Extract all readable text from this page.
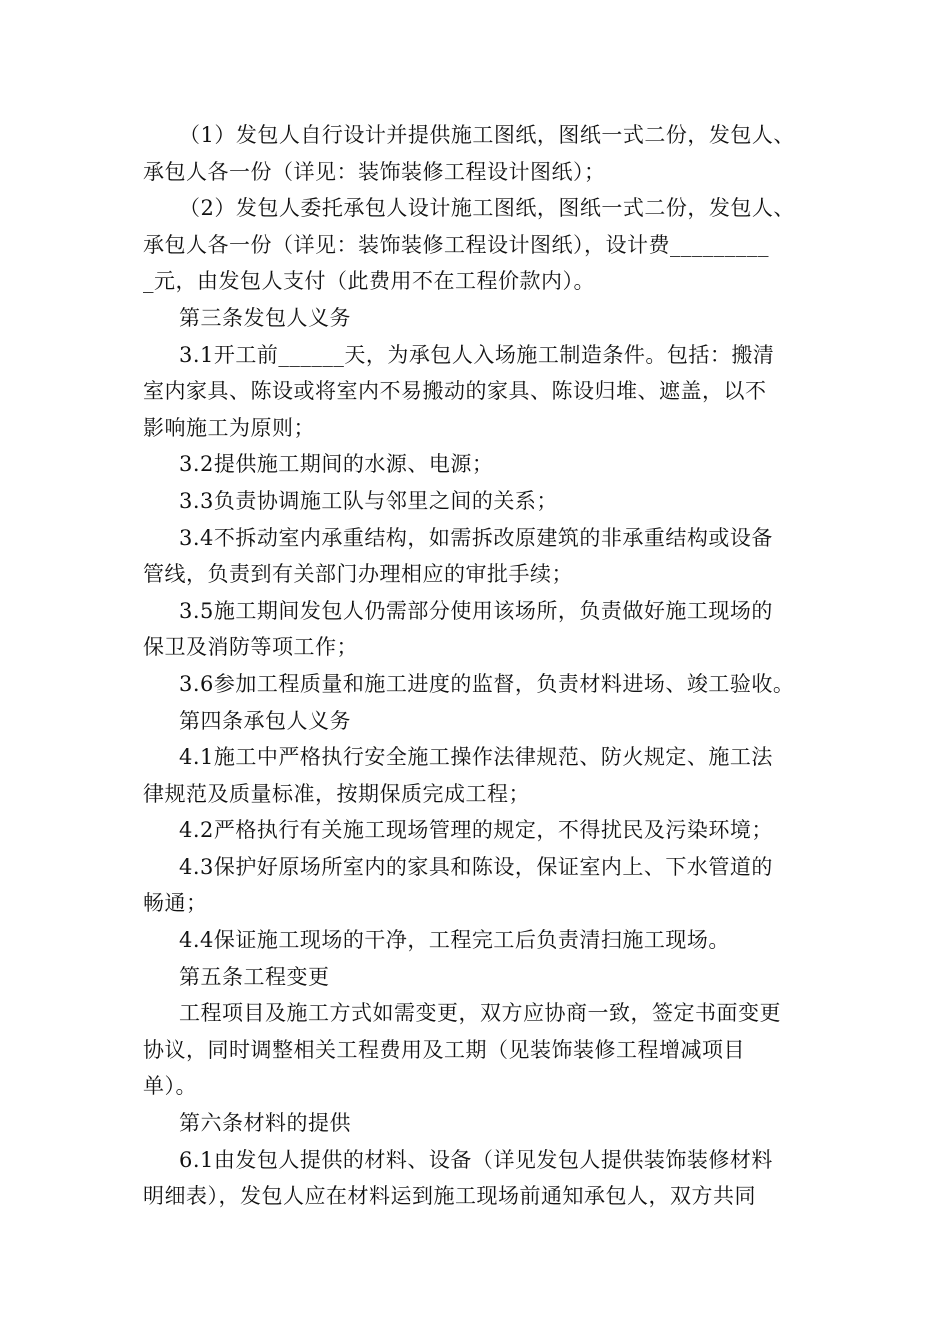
（1）发包人自行设计并提供施工图纸，图纸一式二份，发包人、
承包人各一份（详见：装饰装修工程设计图纸）；
（2）发包人委托承包人设计施工图纸，图纸一式二份，发包人、
承包人各一份（详见：装饰装修工程设计图纸），设计费_________
_元，由发包人支付（此费用不在工程价款内）。
第三条发包人义务
3.1开工前______天，为承包人入场施工制造条件。包括：搬清
室内家具、陈设或将室内不易搬动的家具、陈设归堆、遮盖，以不
影响施工为原则；
3.2提供施工期间的水源、电源；
3.3负责协调施工队与邻里之间的关系；
3.4不拆动室内承重结构，如需拆改原建筑的非承重结构或设备
管线，负责到有关部门办理相应的审批手续；
3.5施工期间发包人仍需部分使用该场所，负责做好施工现场的
保卫及消防等项工作；
3.6参加工程质量和施工进度的监督，负责材料进场、竣工验收。
第四条承包人义务
4.1施工中严格执行安全施工操作法律规范、防火规定、施工法
律规范及质量标准，按期保质完成工程；
4.2严格执行有关施工现场管理的规定，不得扰民及污染环境；
4.3保护好原场所室内的家具和陈设，保证室内上、下水管道的
畅通；
4.4保证施工现场的干净，工程完工后负责清扫施工现场。
第五条工程变更
工程项目及施工方式如需变更，双方应协商一致，签定书面变更
协议，同时调整相关工程费用及工期（见装饰装修工程增减项目
单）。
第六条材料的提供
6.1由发包人提供的材料、设备（详见发包人提供装饰装修材料
明细表），发包人应在材料运到施工现场前通知承包人，双方共同
